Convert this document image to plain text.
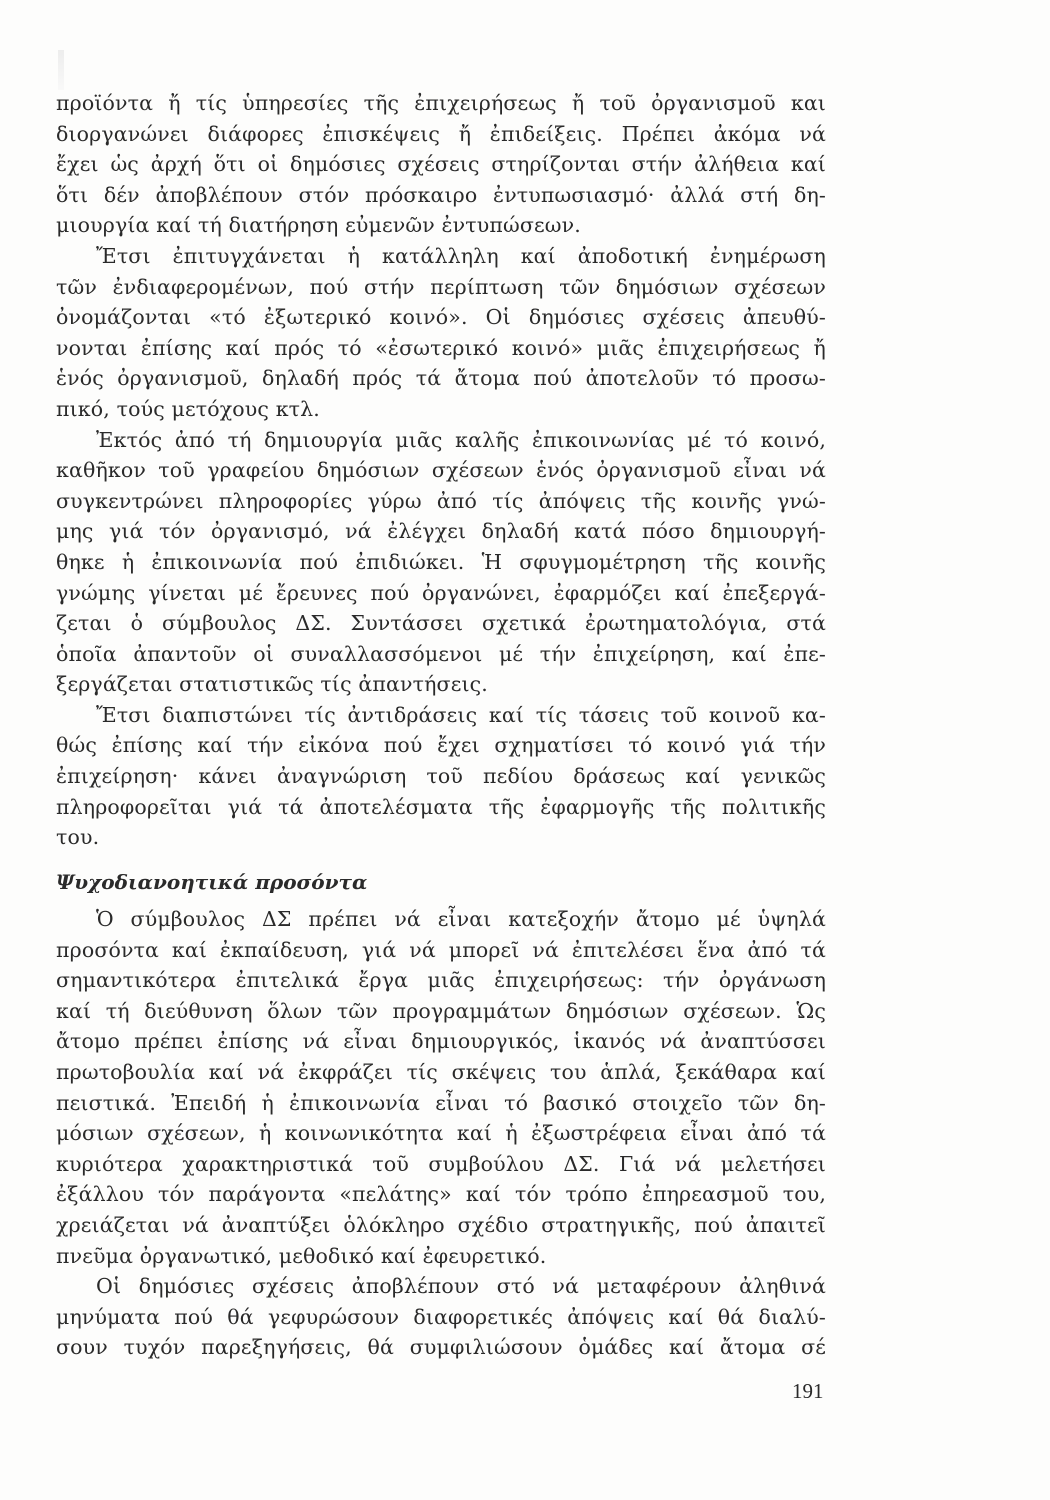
προϊόντα ἤ τίς ὑπηρεσίες τῆς ἐπιχειρήσεως ἤ τοῦ ὀργανισμοῦ και
διοργανώνει διάφορες ἐπισκέψεις ἤ ἐπιδείξεις. Πρέπει ἀκόμα νά
ἔχει ὡς ἀρχή ὅτι οἱ δημόσιες σχέσεις στηρίζονται στήν ἀλήθεια καί
ὅτι δέν ἀποβλέπουν στόν πρόσκαιρο ἐντυπωσιασμό· ἀλλά στή δη-
μιουργία καί τή διατήρηση εὐμενῶν ἐντυπώσεων.
Ἔτσι ἐπιτυγχάνεται ἡ κατάλληλη καί ἀποδοτική ἐνημέρωση
τῶν ἐνδιαφερομένων, πού στήν περίπτωση τῶν δημόσιων σχέσεων
ὀνομάζονται «τό ἐξωτερικό κοινό». Οἱ δημόσιες σχέσεις ἀπευθύ-
νονται ἐπίσης καί πρός τό «ἐσωτερικό κοινό» μιᾶς ἐπιχειρήσεως ἤ
ἑνός ὀργανισμοῦ, δηλαδή πρός τά ἄτομα πού ἀποτελοῦν τό προσω-
πικό, τούς μετόχους κτλ.
Ἐκτός ἀπό τή δημιουργία μιᾶς καλῆς ἐπικοινωνίας μέ τό κοινό,
καθῆκον τοῦ γραφείου δημόσιων σχέσεων ἑνός ὀργανισμοῦ εἶναι νά
συγκεντρώνει πληροφορίες γύρω ἀπό τίς ἀπόψεις τῆς κοινῆς γνώ-
μης γιά τόν ὀργανισμό, νά ἐλέγχει δηλαδή κατά πόσο δημιουργή-
θηκε ἡ ἐπικοινωνία πού ἐπιδιώκει. Ἡ σφυγμομέτρηση τῆς κοινῆς
γνώμης γίνεται μέ ἔρευνες πού ὀργανώνει, ἐφαρμόζει καί ἐπεξεργά-
ζεται ὁ σύμβουλος ΔΣ. Συντάσσει σχετικά ἐρωτηματολόγια, στά
ὁποῖα ἀπαντοῦν οἱ συναλλασσόμενοι μέ τήν ἐπιχείρηση, καί ἐπε-
ξεργάζεται στατιστικῶς τίς ἀπαντήσεις.
Ἔτσι διαπιστώνει τίς ἀντιδράσεις καί τίς τάσεις τοῦ κοινοῦ κα-
θώς ἐπίσης καί τήν εἰκόνα πού ἔχει σχηματίσει τό κοινό γιά τήν
ἐπιχείρηση· κάνει ἀναγνώριση τοῦ πεδίου δράσεως καί γενικῶς
πληροφορεῖται γιά τά ἀποτελέσματα τῆς ἐφαρμογῆς τῆς πολιτικῆς
του.
Ψυχοδιανοητικά προσόντα
Ὁ σύμβουλος ΔΣ πρέπει νά εἶναι κατεξοχήν ἄτομο μέ ὑψηλά
προσόντα καί ἐκπαίδευση, γιά νά μπορεῖ νά ἐπιτελέσει ἕνα ἀπό τά
σημαντικότερα ἐπιτελικά ἔργα μιᾶς ἐπιχειρήσεως: τήν ὀργάνωση
καί τή διεύθυνση ὅλων τῶν προγραμμάτων δημόσιων σχέσεων. Ὡς
ἄτομο πρέπει ἐπίσης νά εἶναι δημιουργικός, ἱκανός νά ἀναπτύσσει
πρωτοβουλία καί νά ἐκφράζει τίς σκέψεις του ἁπλά, ξεκάθαρα καί
πειστικά. Ἐπειδή ἡ ἐπικοινωνία εἶναι τό βασικό στοιχεῖο τῶν δη-
μόσιων σχέσεων, ἡ κοινωνικότητα καί ἡ ἐξωστρέφεια εἶναι ἀπό τά
κυριότερα χαρακτηριστικά τοῦ συμβούλου ΔΣ. Γιά νά μελετήσει
ἐξάλλου τόν παράγοντα «πελάτης» καί τόν τρόπο ἐπηρεασμοῦ του,
χρειάζεται νά ἀναπτύξει ὁλόκληρο σχέδιο στρατηγικῆς, πού ἀπαιτεῖ
πνεῦμα ὀργανωτικό, μεθοδικό καί ἐφευρετικό.
Οἱ δημόσιες σχέσεις ἀποβλέπουν στό νά μεταφέρουν ἀληθινά
μηνύματα πού θά γεφυρώσουν διαφορετικές ἀπόψεις καί θά διαλύ-
σουν τυχόν παρεξηγήσεις, θά συμφιλιώσουν ὁμάδες καί ἄτομα σέ
191
